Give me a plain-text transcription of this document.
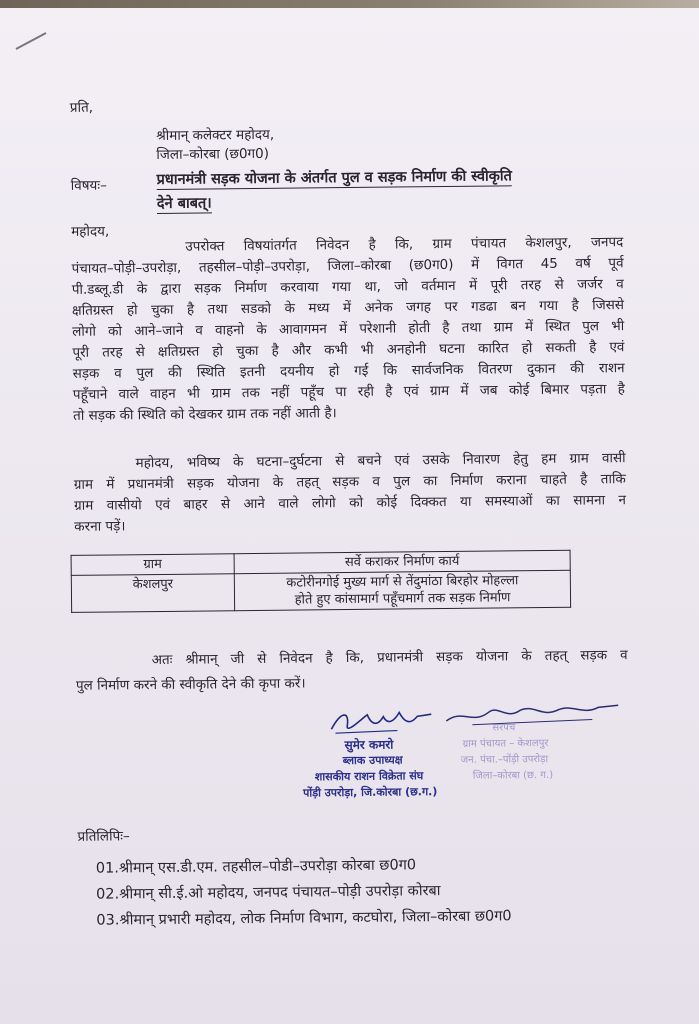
प्रति,
श्रीमान् कलेक्टर महोदय,
जिला–कोरबा (छ0ग0)
विषयः–	प्रधानमंत्री सड़क योजना के अंतर्गत पुल व सड़क निर्माण की स्वीकृति
देने बाबत्।
महोदय,
उपरोक्त विषयांतर्गत निवेदन है कि, ग्राम पंचायत केशलपुर, जनपद
पंचायत–पोड़ी–उपरोड़ा, तहसील–पोड़ी–उपरोड़ा, जिला–कोरबा (छ0ग0) में विगत 45 वर्ष पूर्व
पी.डब्लू.डी के द्वारा सड़क निर्माण करवाया गया था, जो वर्तमान में पूरी तरह से जर्जर व
क्षतिग्रस्त हो चुका है तथा सडको के मध्य में अनेक जगह पर गडढा बन गया है जिससे
लोगो को आने–जाने व वाहनो के आवागमन में परेशानी होती है तथा ग्राम में स्थित पुल भी
पूरी तरह से क्षतिग्रस्त हो चुका है और कभी भी अनहोनी घटना कारित हो सकती है एवं
सड़क व पुल की स्थिति इतनी दयनीय हो गई कि सार्वजनिक वितरण दुकान की राशन
पहूँचाने वाले वाहन भी ग्राम तक नहीं पहूँच पा रही है एवं ग्राम में जब कोई बिमार पड़ता है
तो सड़क की स्थिति को देखकर ग्राम तक नहीं आती है।
महोदय, भविष्य के घटना–दुर्घटना से बचने एवं उसके निवारण हेतु हम ग्राम वासी
ग्राम में प्रधानमंत्री सड़क योजना के तहत् सड़क व पुल का निर्माण कराना चाहते है ताकि
ग्राम वासीयो एवं बाहर से आने वाले लोगो को कोई दिक्कत या समस्याओं का सामना न
करना पड़ें।
ग्राम	सर्वे कराकर निर्माण कार्य
केशलपुर	कटोरीनगोई मुख्य मार्ग से तेंदुमांठा बिरहोर मोहल्ला
होते हुए कांसामार्ग पहूँचमार्ग तक सड़क निर्माण
अतः श्रीमान् जी से निवेदन है कि, प्रधानमंत्री सड़क योजना के तहत् सड़क व
पुल निर्माण करने की स्वीकृति देने की कृपा करें।
सुमेर कमरो
ब्लाक उपाध्यक्ष
शासकीय राशन विक्रेता संघ
पोंड़ी उपरोड़ा, जि.कोरबा (छ.ग.)
सरपंच
ग्राम पंचायत – केशलपुर
जन. पंचा.–पोंड़ी उपरोड़ा
जिला–कोरबा (छ. ग.)
प्रतिलिपिः–
01.श्रीमान् एस.डी.एम. तहसील–पोडी–उपरोड़ा कोरबा छ0ग0
02.श्रीमान् सी.ई.ओ महोदय, जनपद पंचायत–पोड़ी उपरोड़ा कोरबा
03.श्रीमान् प्रभारी महोदय, लोक निर्माण विभाग, कटघोरा, जिला–कोरबा छ0ग0
